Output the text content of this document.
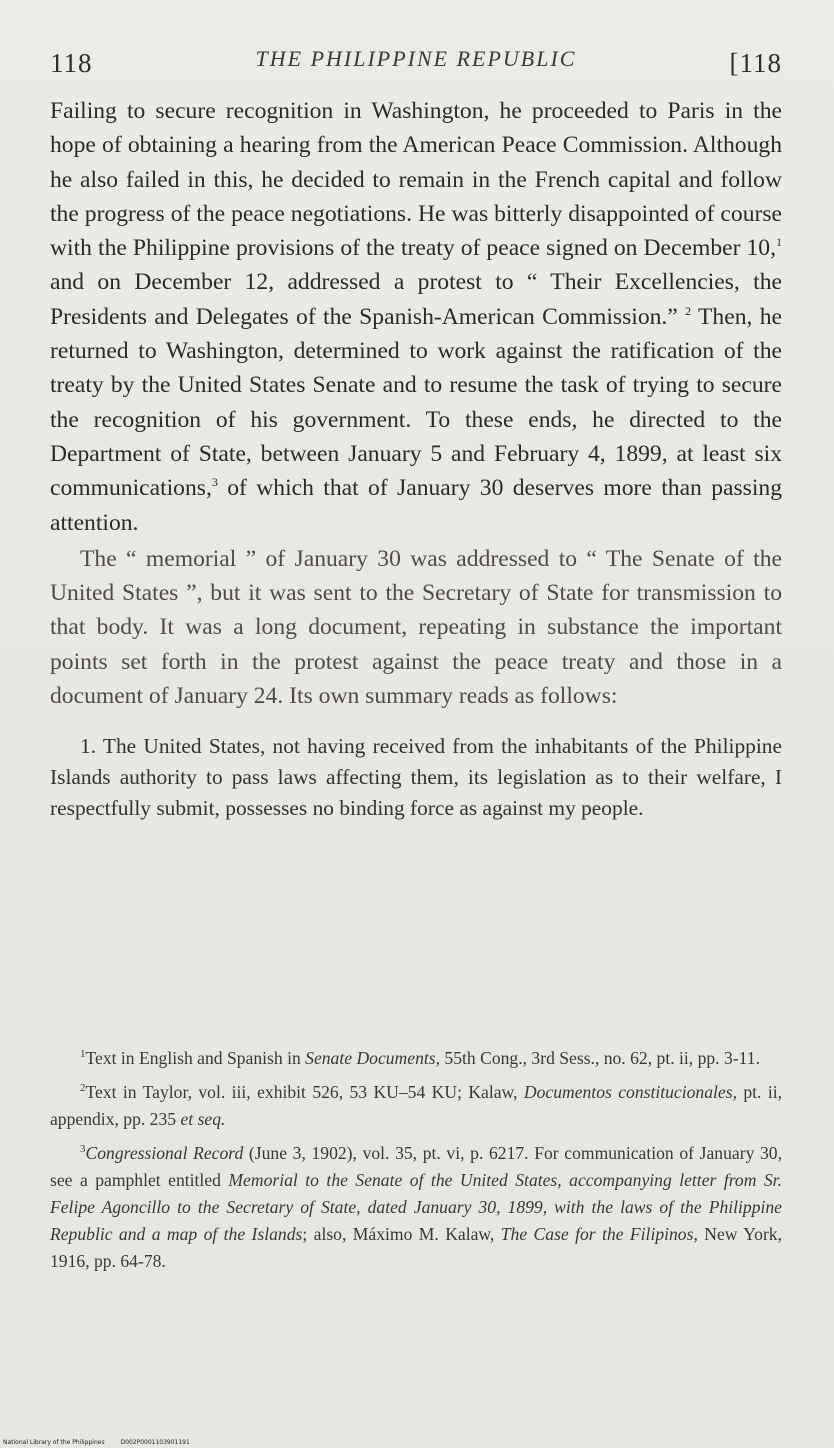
118	THE PHILIPPINE REPUBLIC	[118

Failing to secure recognition in Washington, he proceeded to Paris in the hope of obtaining a hearing from the American Peace Commission. Although he also failed in this, he decided to remain in the French capital and follow the progress of the peace negotiations. He was bitterly disappointed of course with the Philippine provisions of the treaty of peace signed on December 10,$^1$ and on December 12, addressed a protest to “ Their Excellencies, the Presidents and Delegates of the Spanish-American Commission.” $^2$ Then, he returned to Washington, determined to work against the ratification of the treaty by the United States Senate and to resume the task of trying to secure the recognition of his government. To these ends, he directed to the Department of State, between January 5 and February 4, 1899, at least six communications,$^3$ of which that of January 30 deserves more than passing attention.

The “ memorial ” of January 30 was addressed to “ The Senate of the United States ”, but it was sent to the Secretary of State for transmission to that body. It was a long document, repeating in substance the important points set forth in the protest against the peace treaty and those in a document of January 24. Its own summary reads as follows:

1. The United States, not having received from the inhabitants of the Philippine Islands authority to pass laws affecting them, its legislation as to their welfare, I respectfully submit, possesses no binding force as against my people.

$^1$Text in English and Spanish in Senate Documents, 55th Cong., 3rd Sess., no. 62, pt. ii, pp. 3-11.

$^2$Text in Taylor, vol. iii, exhibit 526, 53 KU–54 KU; Kalaw, Documentos constitucionales, pt. ii, appendix, pp. 235 et seq.

$^3$Congressional Record (June 3, 1902), vol. 35, pt. vi, p. 6217. For communication of January 30, see a pamphlet entitled Memorial to the Senate of the United States, accompanying letter from Sr. Felipe Agoncillo to the Secretary of State, dated January 30, 1899, with the laws of the Philippine Republic and a map of the Islands; also, Máximo M. Kalaw, The Case for the Filipinos, New York, 1916, pp. 64-78.

National Library of the Philippines	D002P0001103901191
